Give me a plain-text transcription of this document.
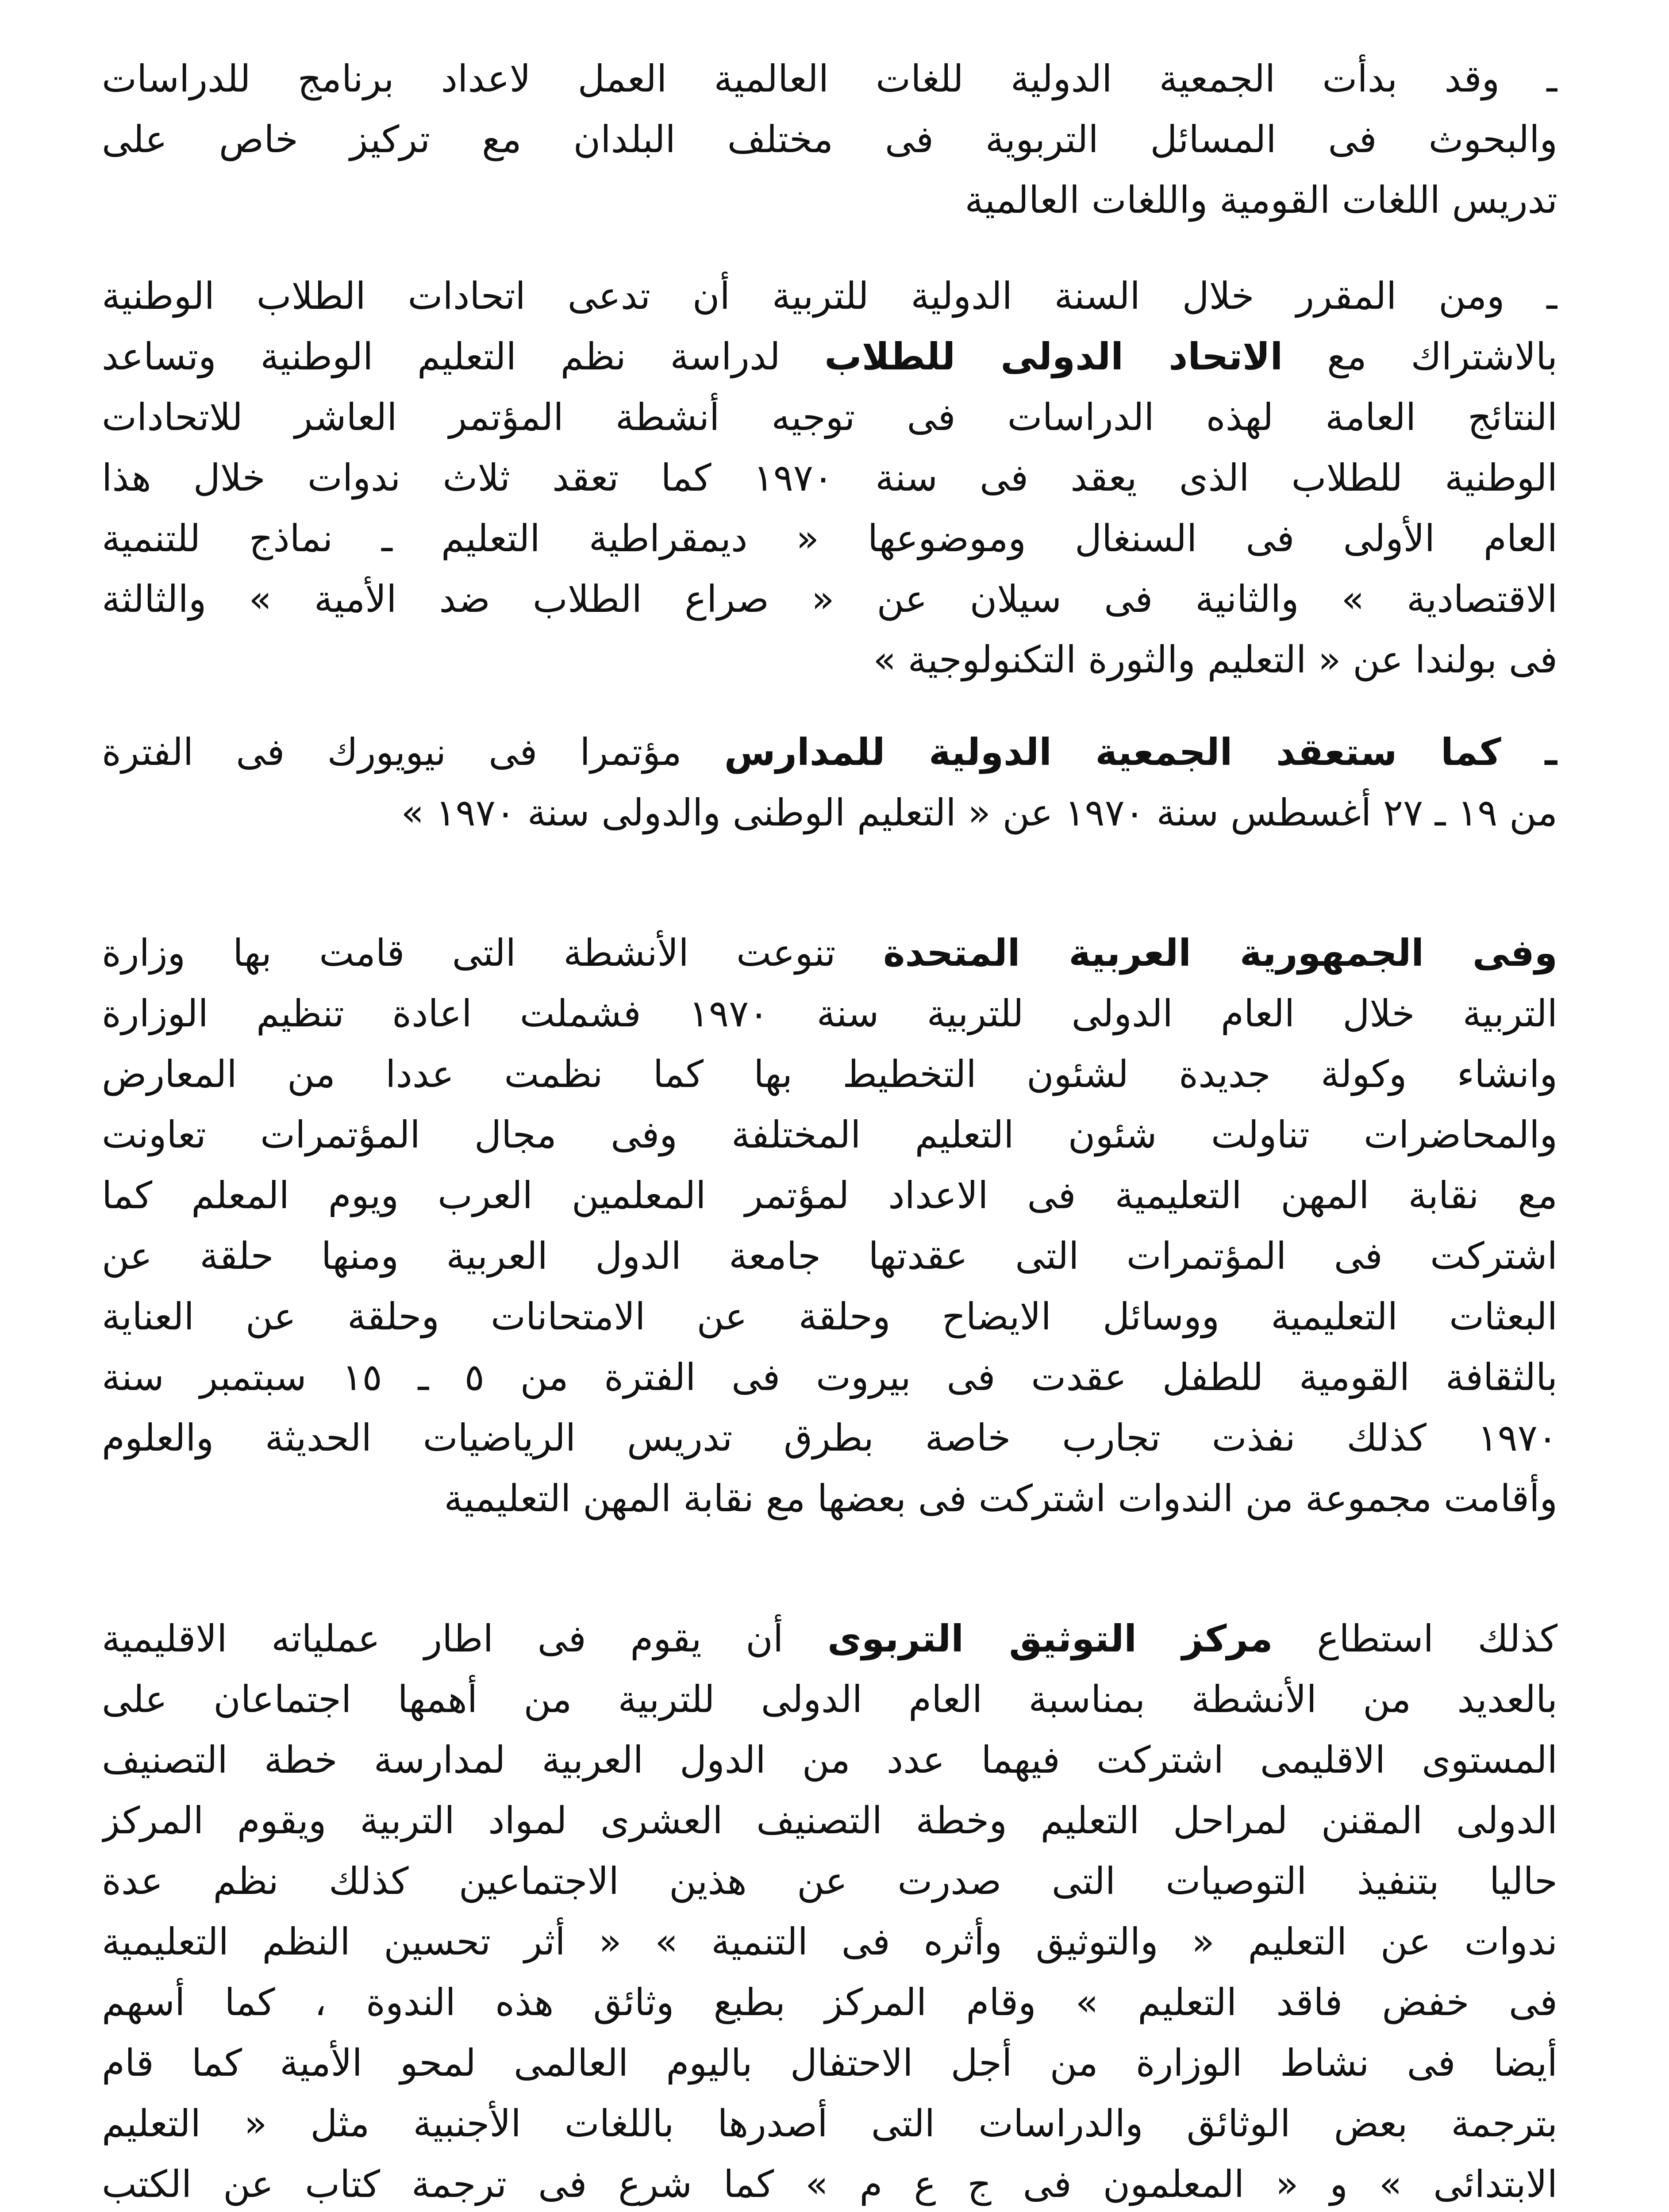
ـ وقد بدأت الجمعية الدولية للغات العالمية العمل لاعداد برنامج للدراسات
والبحوث فى المسائل التربوية فى مختلف البلدان مع تركيز خاص على
تدريس اللغات القومية واللغات العالمية
ـ ومن المقرر خلال السنة الدولية للتربية أن تدعى اتحادات الطلاب الوطنية
بالاشتراك مع الاتحاد الدولى للطلاب لدراسة نظم التعليم الوطنية وتساعد
النتائج العامة لهذه الدراسات فى توجيه أنشطة المؤتمر العاشر للاتحادات
الوطنية للطلاب الذى يعقد فى سنة ١٩٧٠ كما تعقد ثلاث ندوات خلال هذا
العام الأولى فى السنغال وموضوعها « ديمقراطية التعليم ـ نماذج للتنمية
الاقتصادية » والثانية فى سيلان عن « صراع الطلاب ضد الأمية » والثالثة
فى بولندا عن « التعليم والثورة التكنولوجية »
ـ كما ستعقد الجمعية الدولية للمدارس مؤتمرا فى نيويورك فى الفترة
من ١٩ ـ ٢٧ أغسطس سنة ١٩٧٠ عن « التعليم الوطنى والدولى سنة ١٩٧٠ »
وفى الجمهورية العربية المتحدة تنوعت الأنشطة التى قامت بها وزارة
التربية خلال العام الدولى للتربية سنة ١٩٧٠ فشملت اعادة تنظيم الوزارة
وانشاء وكولة جديدة لشئون التخطيط بها كما نظمت عددا من المعارض
والمحاضرات تناولت شئون التعليم المختلفة وفى مجال المؤتمرات تعاونت
مع نقابة المهن التعليمية فى الاعداد لمؤتمر المعلمين العرب ويوم المعلم كما
اشتركت فى المؤتمرات التى عقدتها جامعة الدول العربية ومنها حلقة عن
البعثات التعليمية ووسائل الايضاح وحلقة عن الامتحانات وحلقة عن العناية
بالثقافة القومية للطفل عقدت فى بيروت فى الفترة من ٥ ـ ١٥ سبتمبر سنة
١٩٧٠ كذلك نفذت تجارب خاصة بطرق تدريس الرياضيات الحديثة والعلوم
وأقامت مجموعة من الندوات اشتركت فى بعضها مع نقابة المهن التعليمية
كذلك استطاع مركز التوثيق التربوى أن يقوم فى اطار عملياته الاقليمية
بالعديد من الأنشطة بمناسبة العام الدولى للتربية من أهمها اجتماعان على
المستوى الاقليمى اشتركت فيهما عدد من الدول العربية لمدارسة خطة التصنيف
الدولى المقنن لمراحل التعليم وخطة التصنيف العشرى لمواد التربية ويقوم المركز
حاليا بتنفيذ التوصيات التى صدرت عن هذين الاجتماعين كذلك نظم عدة
ندوات عن التعليم « والتوثيق وأثره فى التنمية » « أثر تحسين النظم التعليمية
فى خفض فاقد التعليم » وقام المركز بطبع وثائق هذه الندوة ، كما أسهم
أيضا فى نشاط الوزارة من أجل الاحتفال باليوم العالمى لمحو الأمية كما قام
بترجمة بعض الوثائق والدراسات التى أصدرها باللغات الأجنبية مثل « التعليم
الابتدائى » و « المعلمون فى ج ع م » كما شرع فى ترجمة كتاب عن الكتب
